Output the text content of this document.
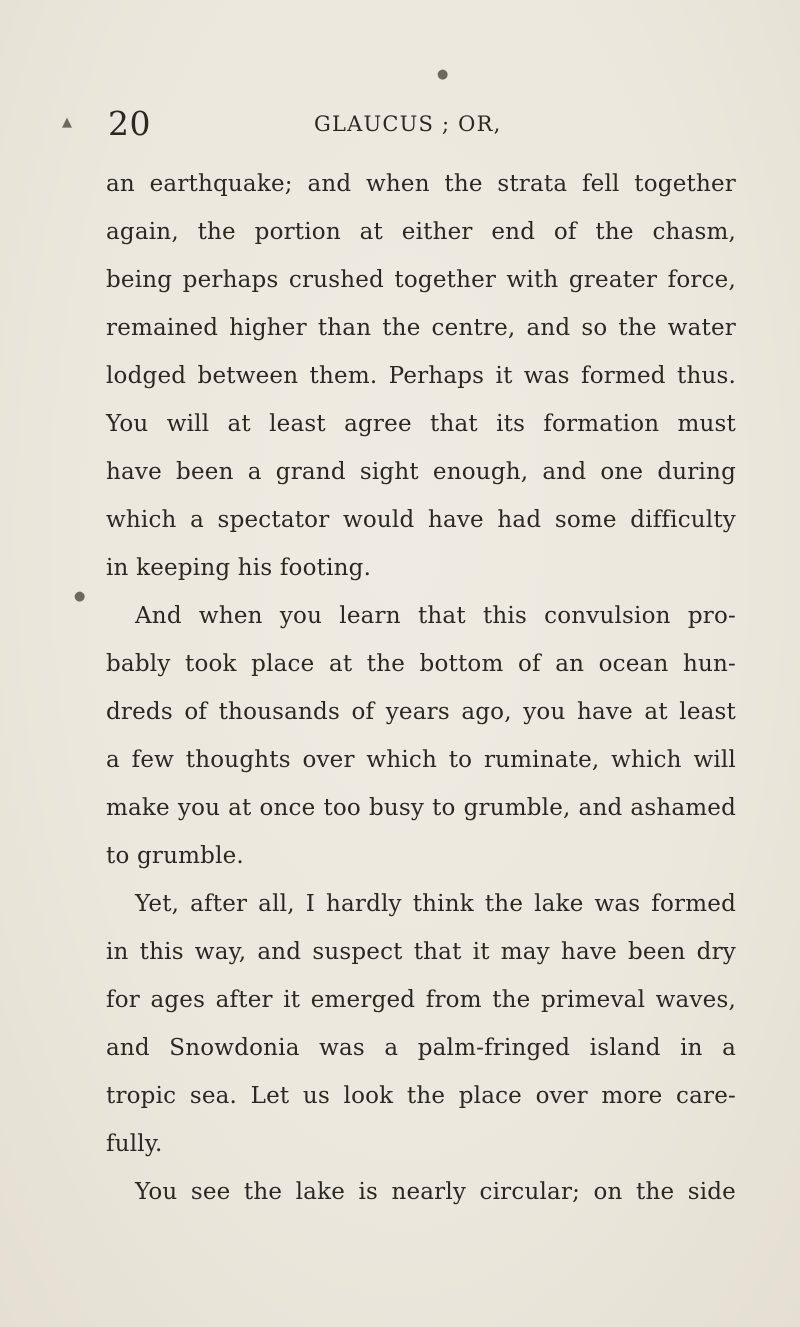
▲
●
●
20	GLAUCUS ; OR,
an earthquake; and when the strata fell together
again, the portion at either end of the chasm,
being perhaps crushed together with greater force,
remained higher than the centre, and so the water
lodged between them. Perhaps it was formed thus.
You will at least agree that its formation must
have been a grand sight enough, and one during
which a spectator would have had some difficulty
in keeping his footing.
And when you learn that this convulsion pro-
bably took place at the bottom of an ocean hun-
dreds of thousands of years ago, you have at least
a few thoughts over which to ruminate, which will
make you at once too busy to grumble, and ashamed
to grumble.
Yet, after all, I hardly think the lake was formed
in this way, and suspect that it may have been dry
for ages after it emerged from the primeval waves,
and Snowdonia was a palm-fringed island in a
tropic sea. Let us look the place over more care-
fully.
You see the lake is nearly circular; on the side
